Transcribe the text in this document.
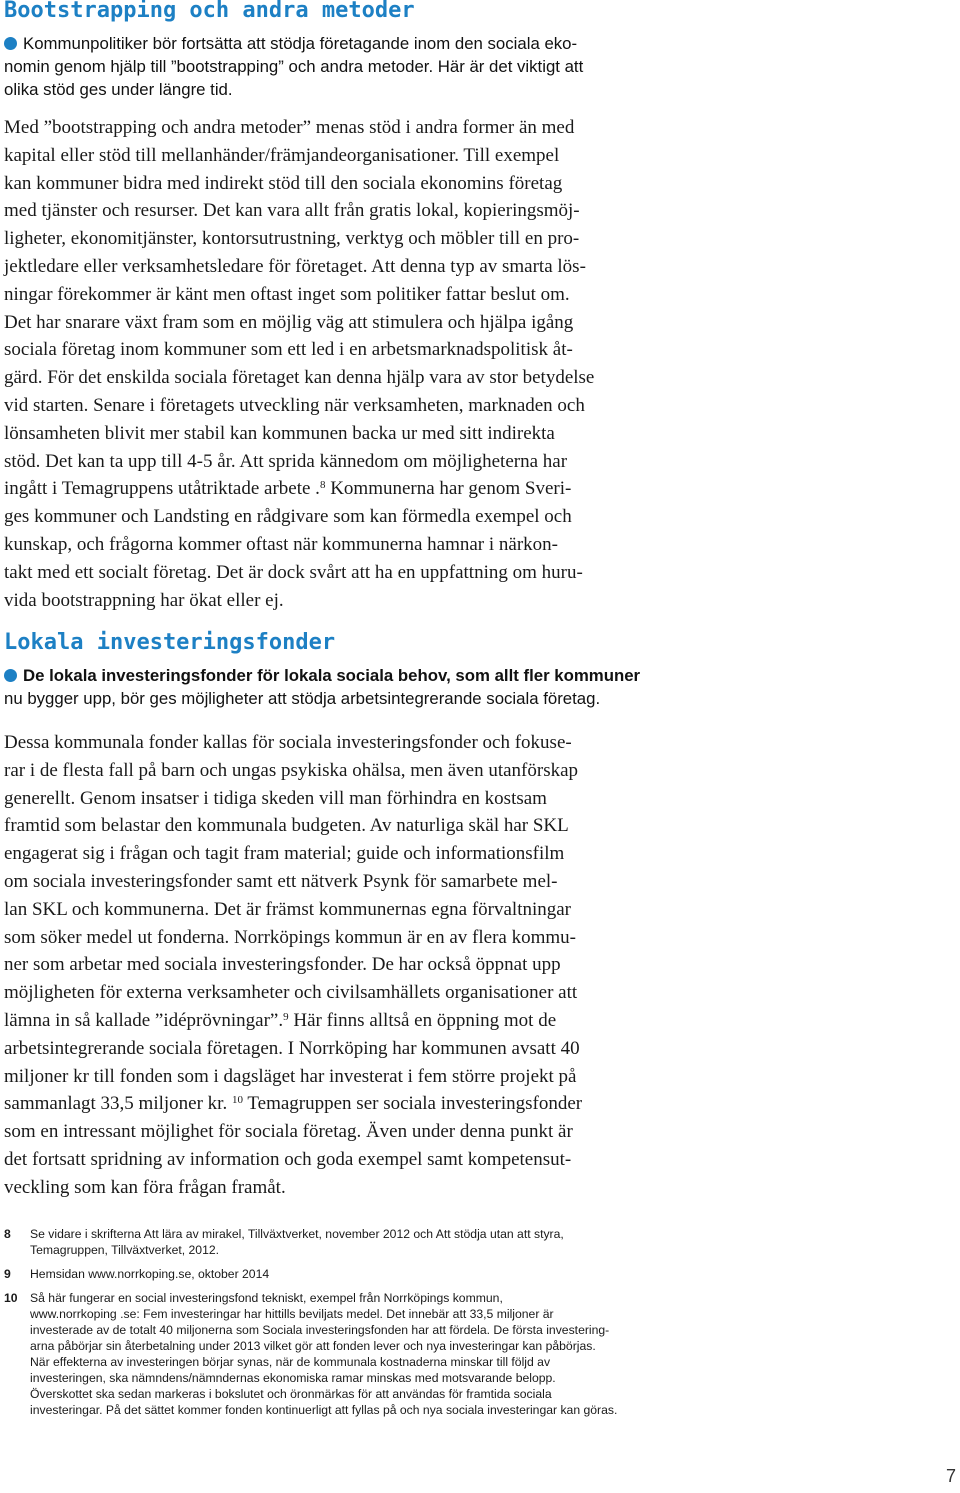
Bootstrapping och andra metoder

Kommunpolitiker bör fortsätta att stödja företagande inom den sociala eko-
nomin genom hjälp till ”bootstrapping” och andra metoder. Här är det viktigt att
olika stöd ges under längre tid.

Med ”bootstrapping och andra metoder” menas stöd i andra former än med
kapital eller stöd till mellanhänder/främjandeorganisationer. Till exempel
kan kommuner bidra med indirekt stöd till den sociala ekonomins företag
med tjänster och resurser. Det kan vara allt från gratis lokal, kopieringsmöj-
ligheter, ekonomitjänster, kontorsutrustning, verktyg och möbler till en pro-
jektledare eller verksamhetsledare för företaget. Att denna typ av smarta lös-
ningar förekommer är känt men oftast inget som politiker fattar beslut om.
Det har snarare växt fram som en möjlig väg att stimulera och hjälpa igång
sociala företag inom kommuner som ett led i en arbetsmarknadspolitisk åt-
gärd. För det enskilda sociala företaget kan denna hjälp vara av stor betydelse
vid starten. Senare i företagets utveckling när verksamheten, marknaden och
lönsamheten blivit mer stabil kan kommunen backa ur med sitt indirekta
stöd. Det kan ta upp till 4-5 år. Att sprida kännedom om möjligheterna har
ingått i Temagruppens utåtriktade arbete .$^8$ Kommunerna har genom Sveri-
ges kommuner och Landsting en rådgivare som kan förmedla exempel och
kunskap, och frågorna kommer oftast när kommunerna hamnar i närkon-
takt med ett socialt företag. Det är dock svårt att ha en uppfattning om huru-
vida bootstrappning har ökat eller ej.
Lokala investeringsfonder

De lokala investeringsfonder för lokala sociala behov, som allt fler kommuner
nu bygger upp, bör ges möjligheter att stödja arbetsintegrerande sociala företag.

Dessa kommunala fonder kallas för sociala investeringsfonder och fokuse-
rar i de flesta fall på barn och ungas psykiska ohälsa, men även utanförskap
generellt. Genom insatser i tidiga skeden vill man förhindra en kostsam
framtid som belastar den kommunala budgeten. Av naturliga skäl har SKL
engagerat sig i frågan och tagit fram material; guide och informationsfilm
om sociala investeringsfonder samt ett nätverk Psynk för samarbete mel-
lan SKL och kommunerna. Det är främst kommunernas egna förvaltningar
som söker medel ut fonderna. Norrköpings kommun är en av flera kommu-
ner som arbetar med sociala investeringsfonder. De har också öppnat upp
möjligheten för externa verksamheter och civilsamhällets organisationer att
lämna in så kallade ”idéprövningar”.$^9$ Här finns alltså en öppning mot de
arbetsintegrerande sociala företagen. I Norrköping har kommunen avsatt 40
miljoner kr till fonden som i dagsläget har investerat i fem större projekt på
sammanlagt 33,5 miljoner kr. $^{10}$ Temagruppen ser sociala investeringsfonder
som en intressant möjlighet för sociala företag. Även under denna punkt är
det fortsatt spridning av information och goda exempel samt kompetensut-
veckling som kan föra frågan framåt.
8 Se vidare i skrifterna Att lära av mirakel, Tillväxtverket, november 2012 och Att stödja utan att styra,
Temagruppen, Tillväxtverket, 2012.
9 Hemsidan www.norrkoping.se, oktober 2014
10 Så här fungerar en social investeringsfond tekniskt, exempel från Norrköpings kommun,
www.norrkoping .se: Fem investeringar har hittills beviljats medel. Det innebär att 33,5 miljoner är
investerade av de totalt 40 miljonerna som Sociala investeringsfonden har att fördela. De första investering-
arna påbörjar sin återbetalning under 2013 vilket gör att fonden lever och nya investeringar kan påbörjas.
När effekterna av investeringen börjar synas, när de kommunala kostnaderna minskar till följd av
investeringen, ska nämndens/nämndernas ekonomiska ramar minskas med motsvarande belopp.
Överskottet ska sedan markeras i bokslutet och öronmärkas för att användas för framtida sociala
investeringar. På det sättet kommer fonden kontinuerligt att fyllas på och nya sociala investeringar kan göras.
7
